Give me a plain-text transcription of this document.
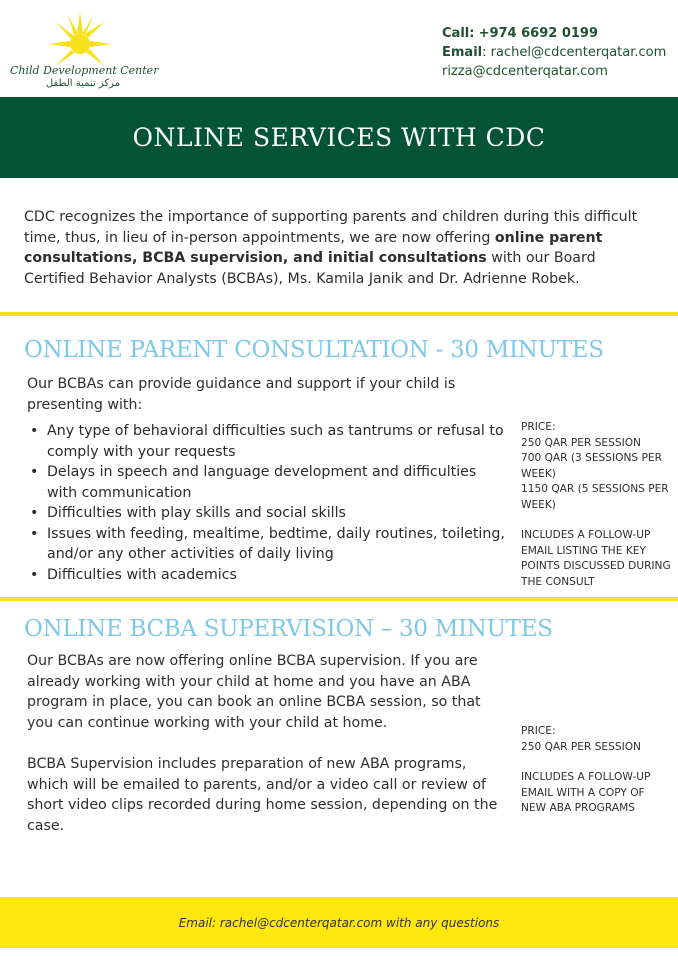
Child Development Center
مركز تنمية الطفل
Call: +974 6692 0199
Email: rachel@cdcenterqatar.com
rizza@cdcenterqatar.com
ONLINE SERVICES WITH CDC
CDC recognizes the importance of supporting parents and children during this difficult time, thus, in lieu of in-person appointments, we are now offering online parent consultations, BCBA supervision, and initial consultations with our Board Certified Behavior Analysts (BCBAs), Ms. Kamila Janik and Dr. Adrienne Robek.
ONLINE PARENT CONSULTATION - 30 MINUTES
Our BCBAs can provide guidance and support if your child is presenting with:
• Any type of behavioral difficulties such as tantrums or refusal to comply with your requests
• Delays in speech and language development and difficulties with communication
• Difficulties with play skills and social skills
• Issues with feeding, mealtime, bedtime, daily routines, toileting, and/or any other activities of daily living
• Difficulties with academics

PRICE:

250 QAR PER SESSION

700 QAR (3 SESSIONS PER WEEK)

1150 QAR (5 SESSIONS PER WEEK)

INCLUDES A FOLLOW-UP EMAIL LISTING THE KEY POINTS DISCUSSED DURING THE CONSULT

ONLINE BCBA SUPERVISION – 30 MINUTES
Our BCBAs are now offering online BCBA supervision. If you are already working with your child at home and you have an ABA program in place, you can book an online BCBA session, so that you can continue working with your child at home.
BCBA Supervision includes preparation of new ABA programs, which will be emailed to parents, and/or a video call or review of short video clips recorded during home session, depending on the case.

PRICE:

250 QAR PER SESSION

INCLUDES A FOLLOW-UP EMAIL WITH A COPY OF NEW ABA PROGRAMS

Email: rachel@cdcenterqatar.com with any questions
